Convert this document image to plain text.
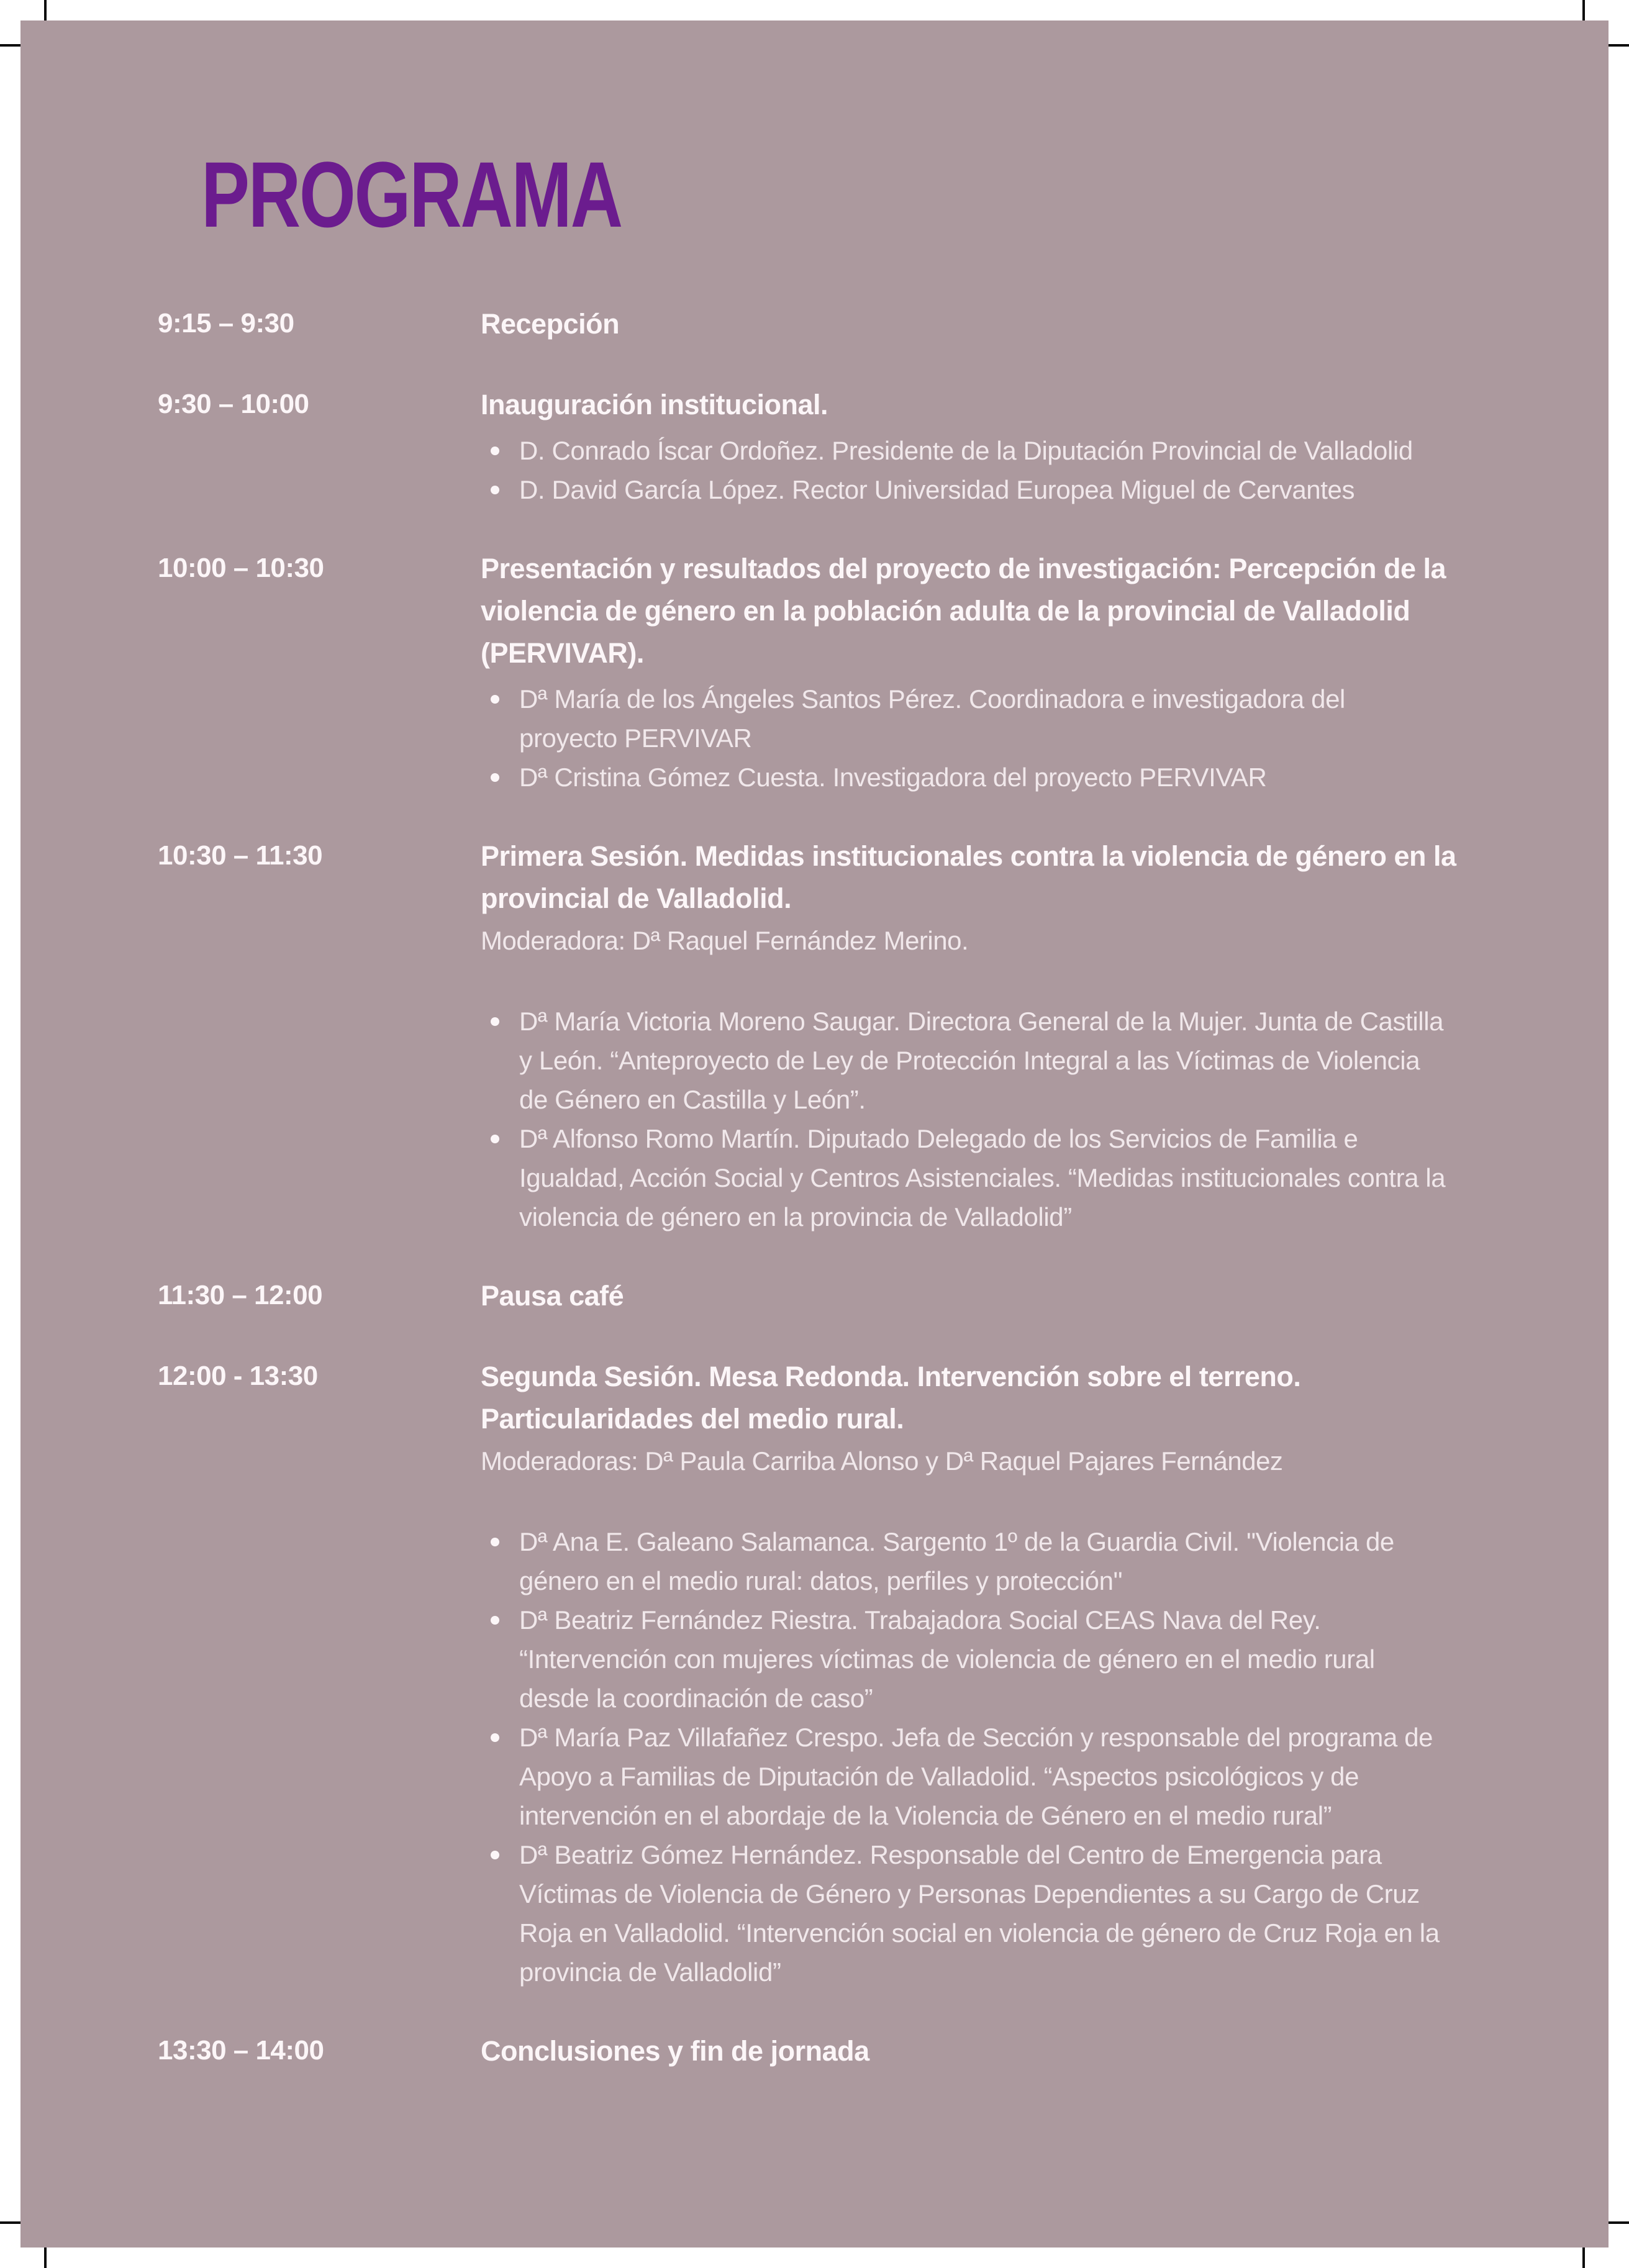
PROGRAMA
9:15 – 9:30	Recepción
9:30 – 10:00	Inauguración institucional.
D. Conrado Íscar Ordoñez. Presidente de la Diputación Provincial de Valladolid
D. David García López. Rector Universidad Europea Miguel de Cervantes
10:00 – 10:30	Presentación y resultados del proyecto de investigación: Percepción de la violencia de género en la población adulta de la provincial de Valladolid (PERVIVAR).
Dª María de los Ángeles Santos Pérez. Coordinadora e investigadora del proyecto PERVIVAR
Dª Cristina Gómez Cuesta. Investigadora del proyecto PERVIVAR
10:30 – 11:30	Primera Sesión. Medidas institucionales contra la violencia de género en la provincial de Valladolid.

Moderadora: Dª Raquel Fernández Merino.

Dª María Victoria Moreno Saugar. Directora General de la Mujer. Junta de Castilla y León. “Anteproyecto de Ley de Protección Integral a las Víctimas de Violencia de Género en Castilla y León”.
Dª Alfonso Romo Martín. Diputado Delegado de los Servicios de Familia e Igualdad, Acción Social y Centros Asistenciales. “Medidas institucionales contra la violencia de género en la provincia de Valladolid”
11:30 – 12:00	Pausa café
12:00 - 13:30	Segunda Sesión. Mesa Redonda. Intervención sobre el terreno. Particularidades del medio rural.

Moderadoras: Dª Paula Carriba Alonso y Dª Raquel Pajares Fernández

Dª Ana E. Galeano Salamanca. Sargento 1º de la Guardia Civil. "Violencia de género en el medio rural: datos, perfiles y protección"
Dª Beatriz Fernández Riestra. Trabajadora Social CEAS Nava del Rey. “Intervención con mujeres víctimas de violencia de género en el medio rural desde la coordinación de caso”
Dª María Paz Villafañez Crespo. Jefa de Sección y responsable del programa de Apoyo a Familias de Diputación de Valladolid. “Aspectos psicológicos y de intervención en el abordaje de la Violencia de Género en el medio rural”
Dª Beatriz Gómez Hernández. Responsable del Centro de Emergencia para Víctimas de Violencia de Género y Personas Dependientes a su Cargo de Cruz Roja en Valladolid. “Intervención social en violencia de género de Cruz Roja en la provincia de Valladolid”
13:30 – 14:00	Conclusiones y fin de jornada
